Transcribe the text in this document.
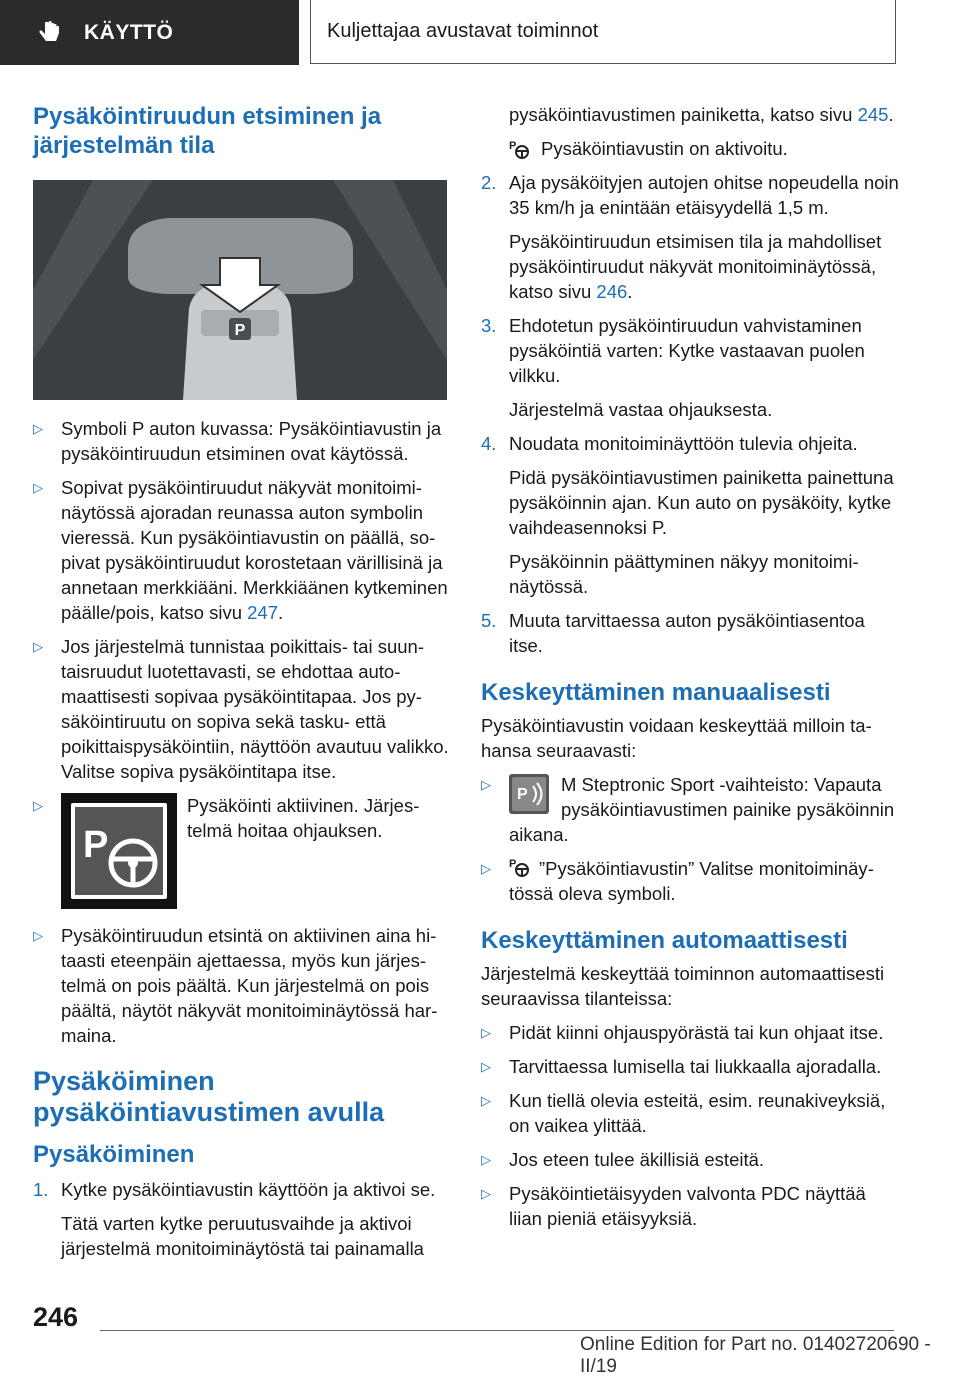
KÄYTTÖ	Kuljettajaa avustavat toiminnot
Pysäköintiruudun etsiminen ja järjestelmän tila
P
▷ Symboli P auton kuvassa: Pysäköintiavustin ja pysäköintiruudun etsiminen ovat käytössä.
▷ Sopivat pysäköintiruudut näkyvät monitoiminäytössä ajoradan reunassa auton symbolin vieressä. Kun pysäköintiavustin on päällä, sopivat pysäköintiruudut korostetaan värillisinä ja annetaan merkkiääni. Merkkiäänen kytkeminen päälle/pois, katso sivu 247.
▷ Jos järjestelmä tunnistaa poikittais- tai suuntaisruudut luotettavasti, se ehdottaa automaattisesti sopivaa pysäköintitapaa. Jos pysäköintiruutu on sopiva sekä tasku- että poikittaispysäköintiin, näyttöön avautuu valikko. Valitse sopiva pysäköintitapa itse.
▷
P
Pysäköinti aktiivinen. Järjestelmä hoitaa ohjauksen.
▷ Pysäköintiruudun etsintä on aktiivinen aina hitaasti eteenpäin ajettaessa, myös kun järjestelmä on pois päältä. Kun järjestelmä on pois päältä, näytöt näkyvät monitoiminäytössä harmaina.
Pysäköiminen pysäköintiavustimen avulla
Pysäköiminen
1. Kytke pysäköintiavustin käyttöön ja aktivoi se.
Tätä varten kytke peruutusvaihde ja aktivoi järjestelmä monitoiminäytöstä tai painamalla
pysäköintiavustimen painiketta, katso sivu 245.
P Pysäköintiavustin on aktivoitu.
2. Aja pysäköityjen autojen ohitse nopeudella noin 35 km/h ja enintään etäisyydellä 1,5 m.
Pysäköintiruudun etsimisen tila ja mahdolliset pysäköintiruudut näkyvät monitoiminäytössä, katso sivu 246.
3. Ehdotetun pysäköintiruudun vahvistaminen pysäköintiä varten: Kytke vastaavan puolen vilkku.
Järjestelmä vastaa ohjauksesta.
4. Noudata monitoiminäyttöön tulevia ohjeita.
Pidä pysäköintiavustimen painiketta painettuna pysäköinnin ajan. Kun auto on pysäköity, kytke vaihdeasennoksi P.
Pysäköinnin päättyminen näkyy monitoiminäytössä.
5. Muuta tarvittaessa auton pysäköintiasentoa itse.
Keskeyttäminen manuaalisesti
Pysäköintiavustin voidaan keskeyttää milloin tahansa seuraavasti:
▷
P M Steptronic Sport -vaihteisto: Vapauta pysäköintiavustimen painike pysäköinnin aikana.
▷	P ”Pysäköintiavustin” Valitse monitoiminäytössä oleva symboli.
Keskeyttäminen automaattisesti
Järjestelmä keskeyttää toiminnon automaattisesti seuraavissa tilanteissa:
▷ Pidät kiinni ohjauspyörästä tai kun ohjaat itse.
▷ Tarvittaessa lumisella tai liukkaalla ajoradalla.
▷ Kun tiellä olevia esteitä, esim. reunakiveyksiä, on vaikea ylittää.
▷ Jos eteen tulee äkillisiä esteitä.
▷ Pysäköintietäisyyden valvonta PDC näyttää liian pieniä etäisyyksiä.
246
Online Edition for Part no. 01402720690 - II/19
